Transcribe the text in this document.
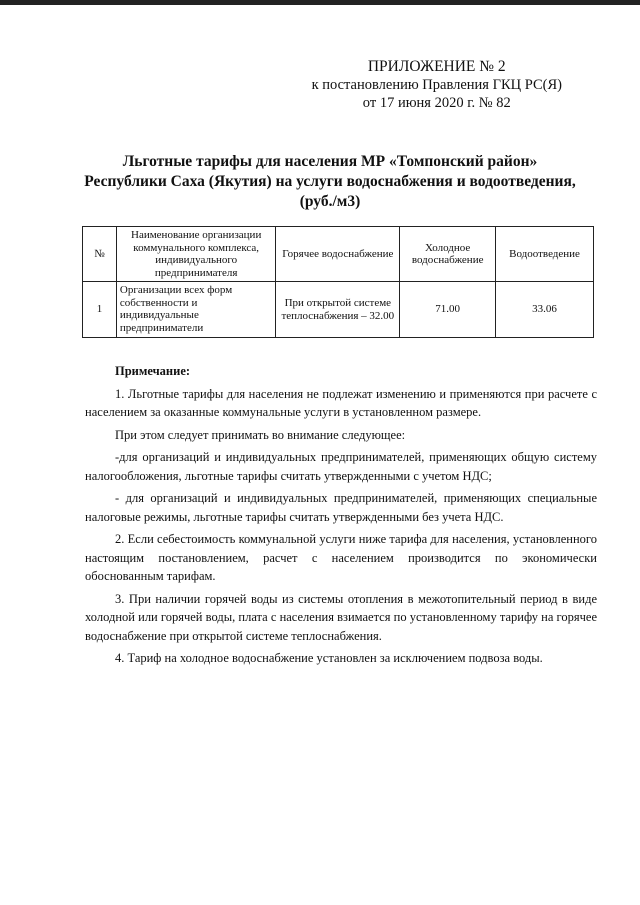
ПРИЛОЖЕНИЕ № 2
к постановлению Правления ГКЦ РС(Я)
от 17 июня 2020 г. № 82
Льготные тарифы для населения МР «Томпонский район»
Республики Саха (Якутия) на услуги водоснабжения и водоотведения,
(руб./м3)
№	Наименование организации коммунального комплекса, индивидуального предпринимателя	Горячее водоснабжение	Холодное водоснабжение	Водоотведение
1	Организации всех форм собственности и индивидуальные предприниматели	При открытой системе теплоснабжения – 32.00	71.00	33.06
Примечание:

1. Льготные тарифы для населения не подлежат изменению и применяются при расчете с населением за оказанные коммунальные услуги в установленном размере.

При этом следует принимать во внимание следующее:

-для организаций и индивидуальных предпринимателей, применяющих общую систему налогообложения, льготные тарифы считать утвержденными с учетом НДС;

- для организаций и индивидуальных предпринимателей, применяющих специальные налоговые режимы, льготные тарифы считать утвержденными без учета НДС.

2. Если себестоимость коммунальной услуги ниже тарифа для населения, установленного настоящим постановлением, расчет с населением производится по экономически обоснованным тарифам.

3. При наличии горячей воды из системы отопления в межотопительный период в виде холодной или горячей воды, плата с населения взимается по установленному тарифу на горячее водоснабжение при открытой системе теплоснабжения.

4. Тариф на холодное водоснабжение установлен за исключением подвоза воды.
